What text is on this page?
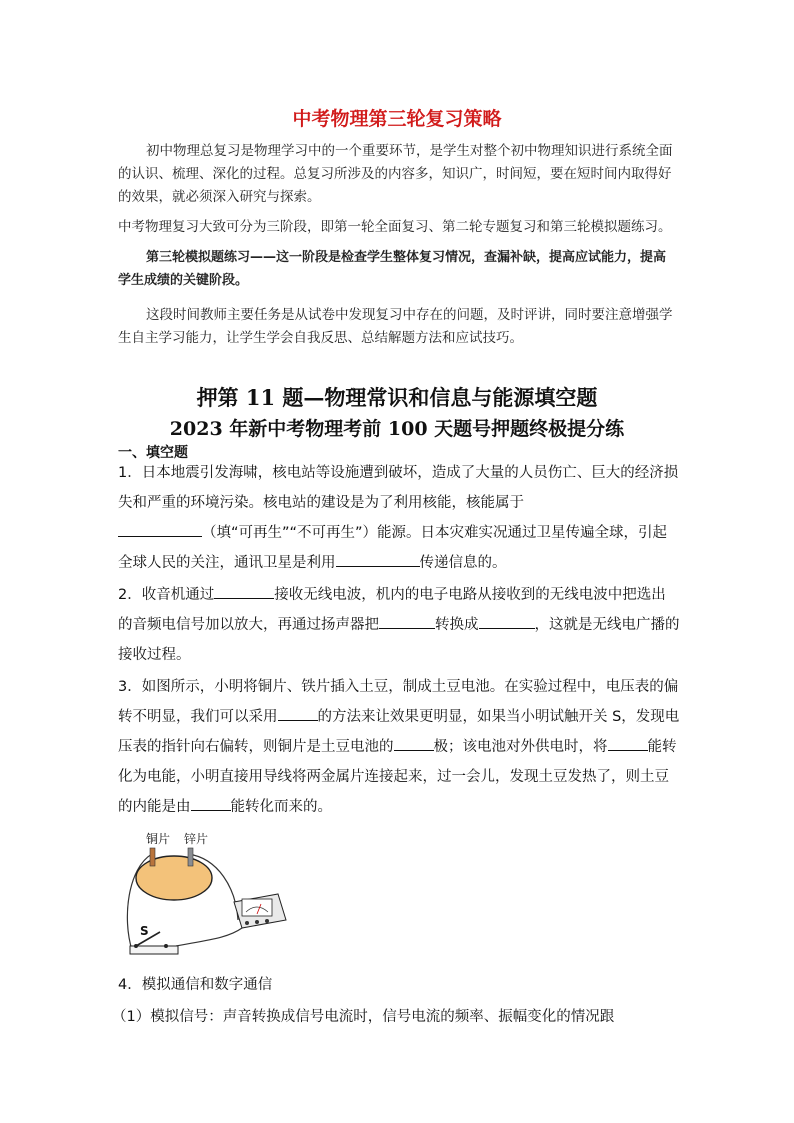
中考物理第三轮复习策略
初中物理总复习是物理学习中的一个重要环节，是学生对整个初中物理知识进行系统全面的认识、梳理、深化的过程。总复习所涉及的内容多，知识广，时间短，要在短时间内取得好的效果，就必须深入研究与探索。
中考物理复习大致可分为三阶段，即第一轮全面复习、第二轮专题复习和第三轮模拟题练习。
第三轮模拟题练习——这一阶段是检查学生整体复习情况，查漏补缺，提高应试能力，提高学生成绩的关键阶段。
这段时间教师主要任务是从试卷中发现复习中存在的问题，及时评讲，同时要注意增强学生自主学习能力，让学生学会自我反思、总结解题方法和应试技巧。
押第 11 题—物理常识和信息与能源填空题
2023 年新中考物理考前 100 天题号押题终极提分练
一、填空题
1．日本地震引发海啸，核电站等设施遭到破坏，造成了大量的人员伤亡、巨大的经济损失和严重的环境污染。核电站的建设是为了利用核能，核能属于
（填“可再生”“不可再生”）能源。日本灾难实况通过卫星传遍全球，引起全球人民的关注，通讯卫星是利用	传递信息的。
2．收音机通过	接收无线电波，机内的电子电路从接收到的无线电波中把选出的音频电信号加以放大，再通过扬声器把	转换成	，这就是无线电广播的接收过程。
3．如图所示，小明将铜片、铁片插入土豆，制成土豆电池。在实验过程中，电压表的偏转不明显，我们可以采用	的方法来让效果更明显，如果当小明试触开关 S，发现电压表的指针向右偏转，则铜片是土豆电池的	极；该电池对外供电时，将	能转化为电能，小明直接用导线将两金属片连接起来，过一会儿，发现土豆发热了，则土豆的内能是由	能转化而来的。
铜片 锌片
S
4．模拟通信和数字通信
（1）模拟信号：声音转换成信号电流时，信号电流的频率、振幅变化的情况跟
